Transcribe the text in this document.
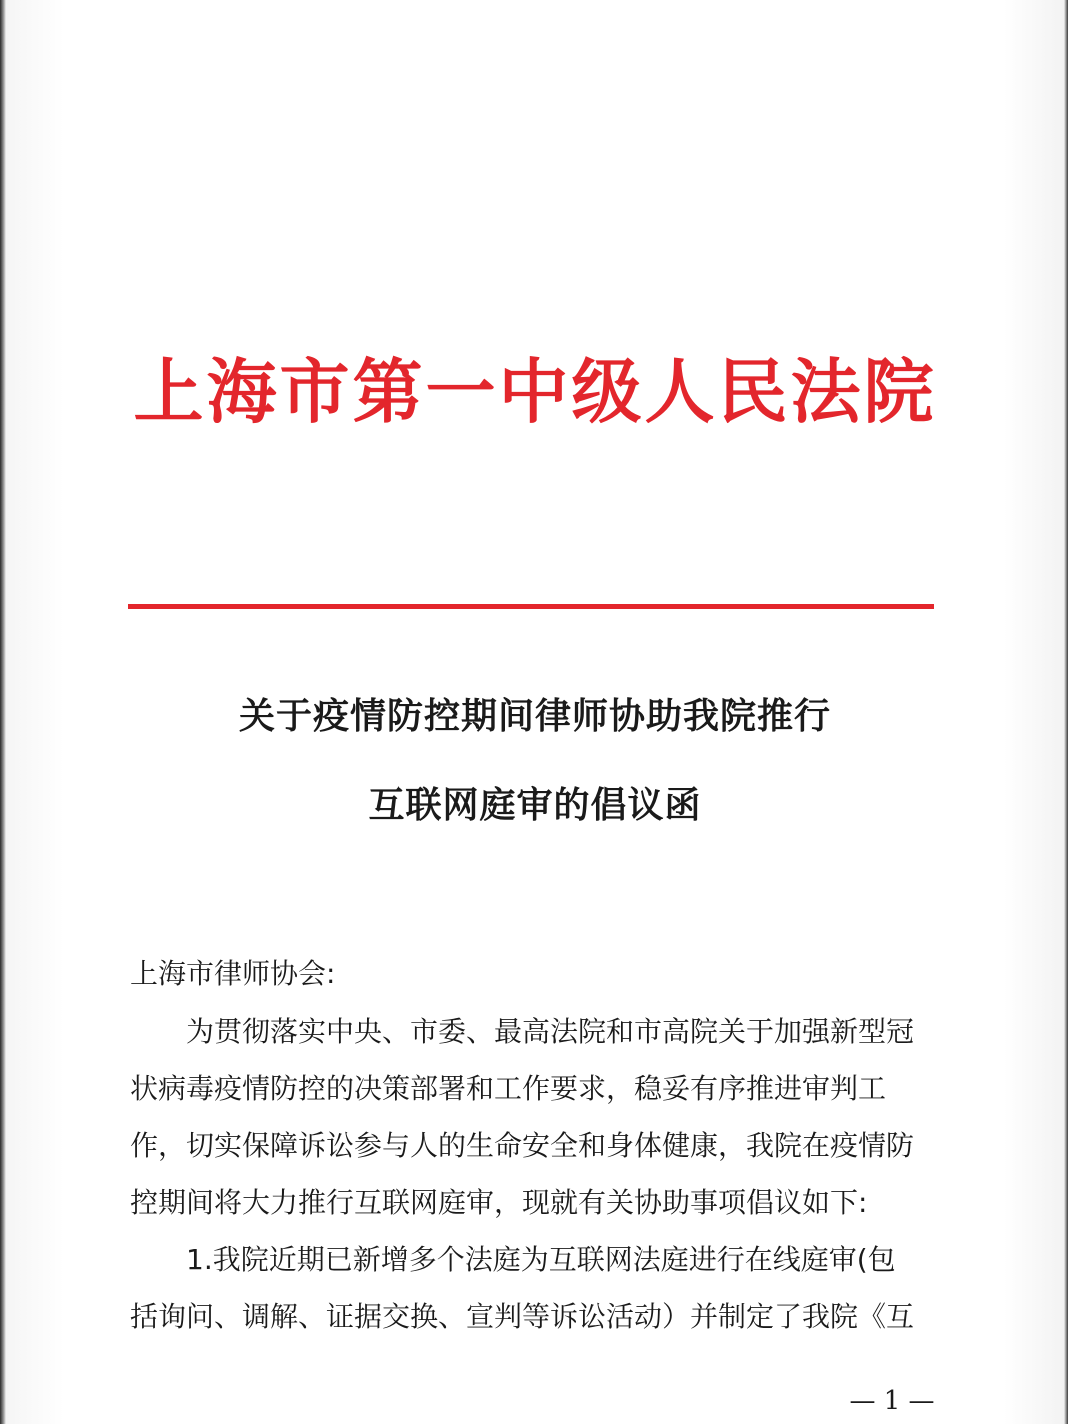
上海市第一中级人民法院
关于疫情防控期间律师协助我院推行
互联网庭审的倡议函
上海市律师协会:
为贯彻落实中央、市委、最高法院和市高院关于加强新型冠
状病毒疫情防控的决策部署和工作要求，稳妥有序推进审判工
作，切实保障诉讼参与人的生命安全和身体健康，我院在疫情防
控期间将大力推行互联网庭审，现就有关协助事项倡议如下:
1.我院近期已新增多个法庭为互联网法庭进行在线庭审(包
括询问、调解、证据交换、宣判等诉讼活动）并制定了我院《互
— 1 —
